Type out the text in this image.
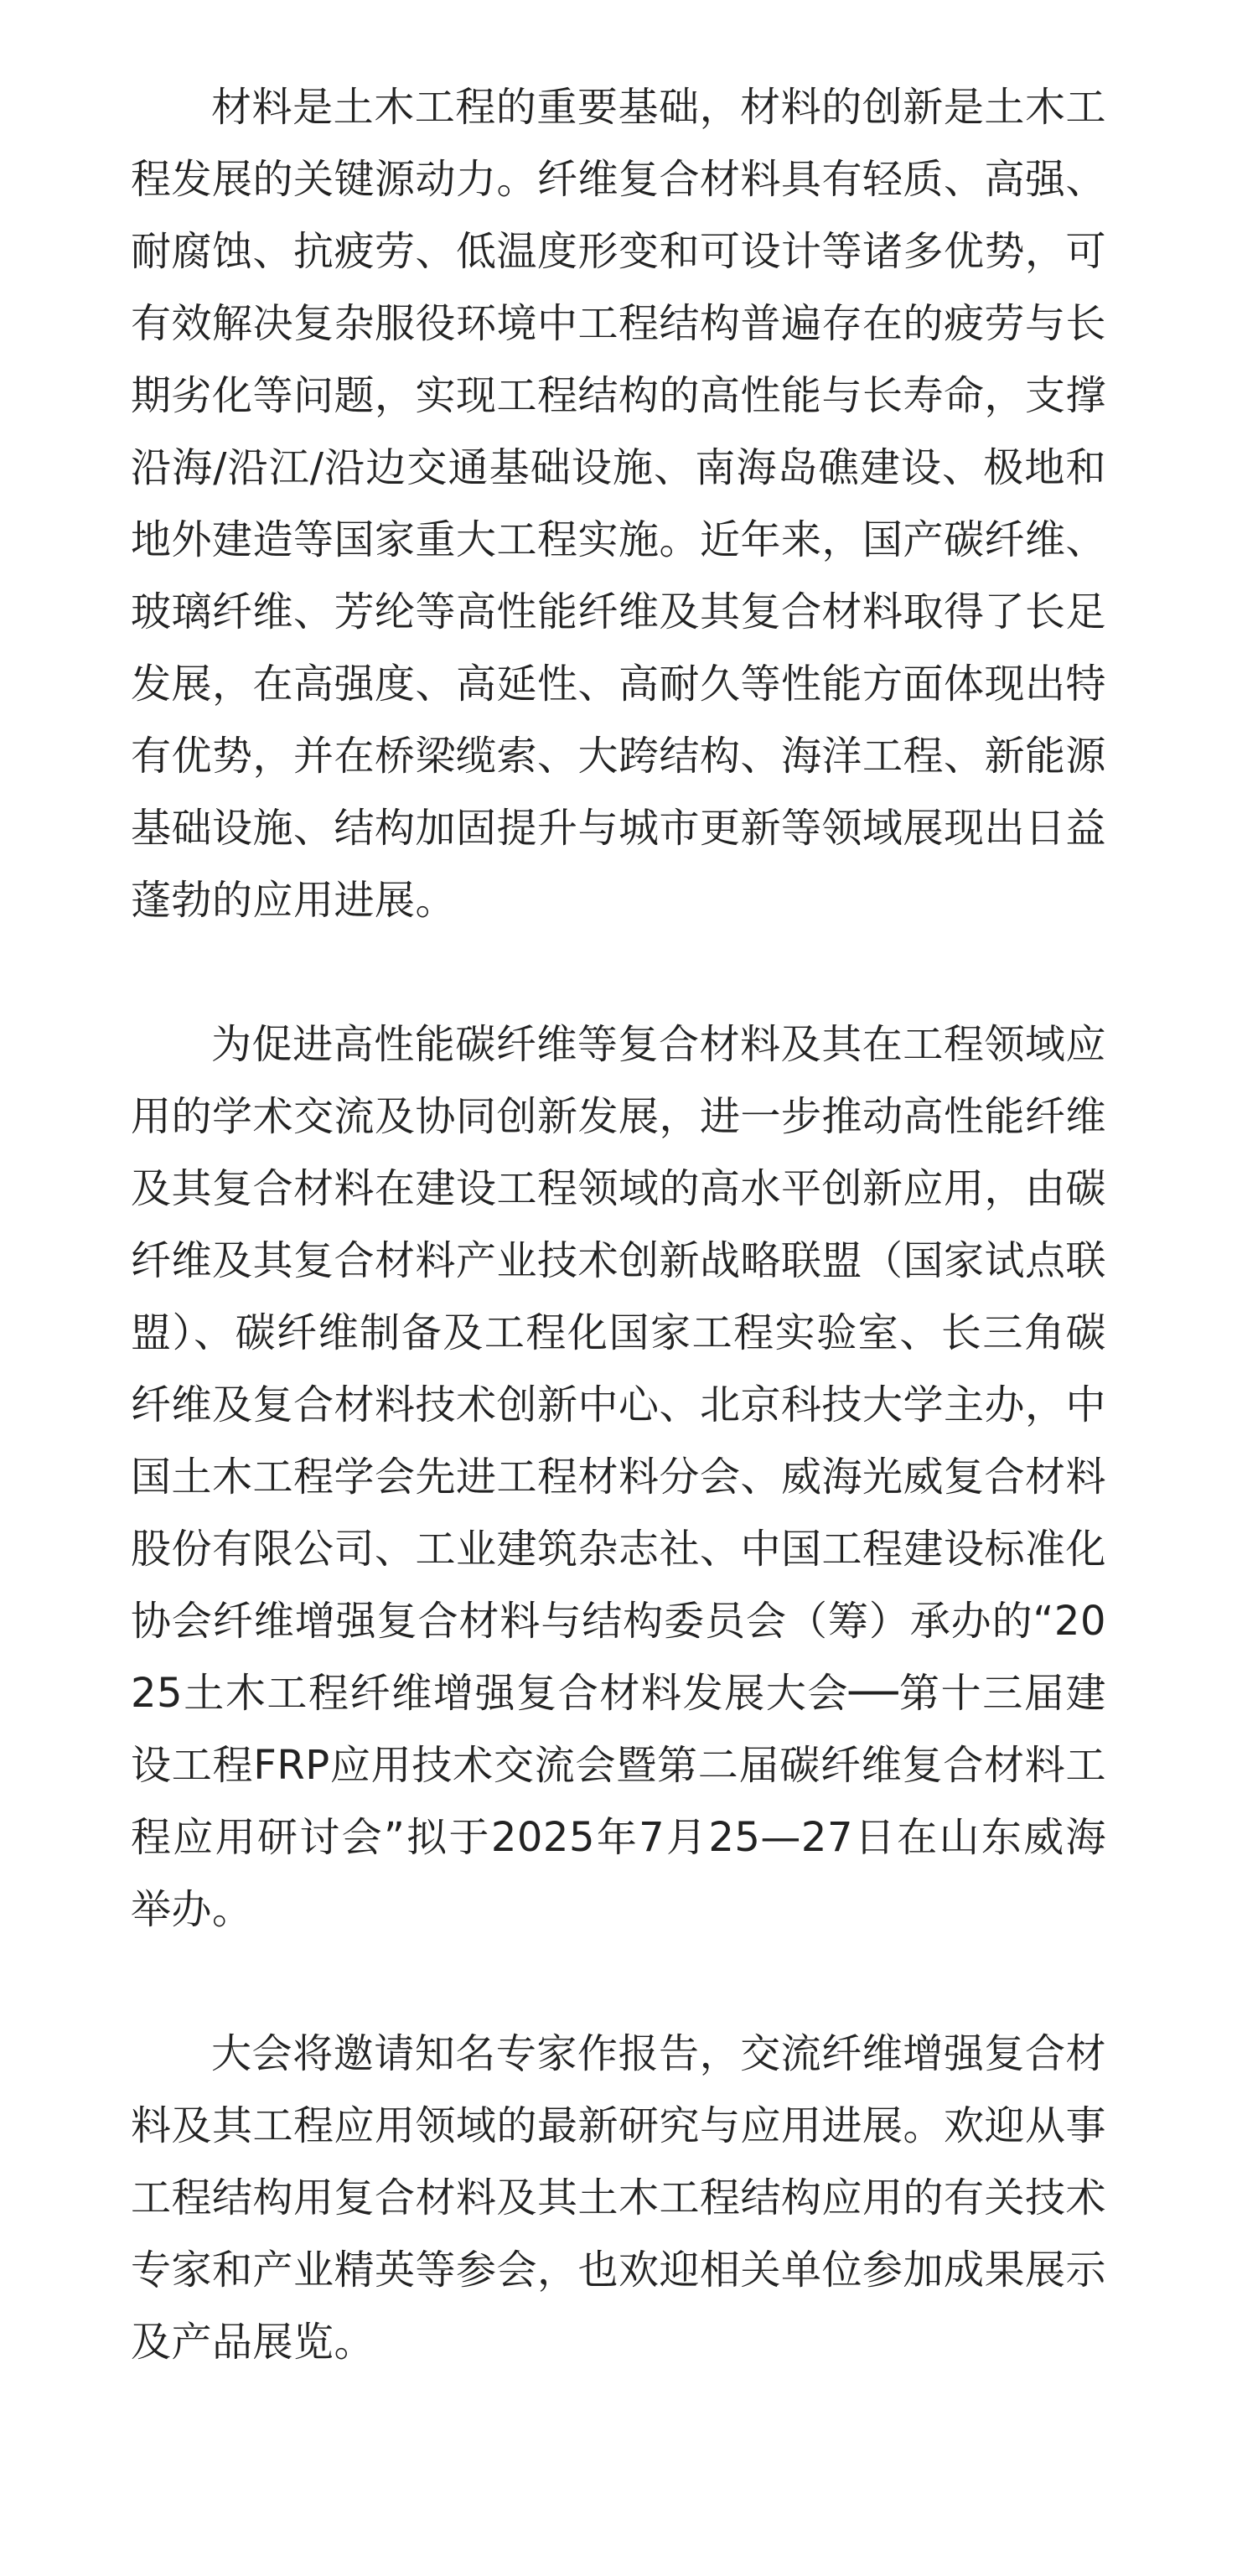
材料是土木工程的重要基础，材料的创新是土木工程发展的关键源动力。纤维复合材料具有轻质、高强、耐腐蚀、抗疲劳、低温度形变和可设计等诸多优势，可有效解决复杂服役环境中工程结构普遍存在的疲劳与长期劣化等问题，实现工程结构的高性能与长寿命，支撑沿海/沿江/沿边交通基础设施、南海岛礁建设、极地和地外建造等国家重大工程实施。近年来，国产碳纤维、玻璃纤维、芳纶等高性能纤维及其复合材料取得了长足发展，在高强度、高延性、高耐久等性能方面体现出特有优势，并在桥梁缆索、大跨结构、海洋工程、新能源基础设施、结构加固提升与城市更新等领域展现出日益蓬勃的应用进展。

为促进高性能碳纤维等复合材料及其在工程领域应用的学术交流及协同创新发展，进一步推动高性能纤维及其复合材料在建设工程领域的高水平创新应用，由碳纤维及其复合材料产业技术创新战略联盟（国家试点联盟）、碳纤维制备及工程化国家工程实验室、长三角碳纤维及复合材料技术创新中心、北京科技大学主办，中国土木工程学会先进工程材料分会、威海光威复合材料股份有限公司、工业建筑杂志社、中国工程建设标准化协会纤维增强复合材料与结构委员会（筹）承办的“2025土木工程纤维增强复合材料发展大会──第十三届建设工程FRP应用技术交流会暨第二届碳纤维复合材料工程应用研讨会”拟于2025年7月25—27日在山东威海举办。

大会将邀请知名专家作报告，交流纤维增强复合材料及其工程应用领域的最新研究与应用进展。欢迎从事工程结构用复合材料及其土木工程结构应用的有关技术专家和产业精英等参会，也欢迎相关单位参加成果展示及产品展览。
